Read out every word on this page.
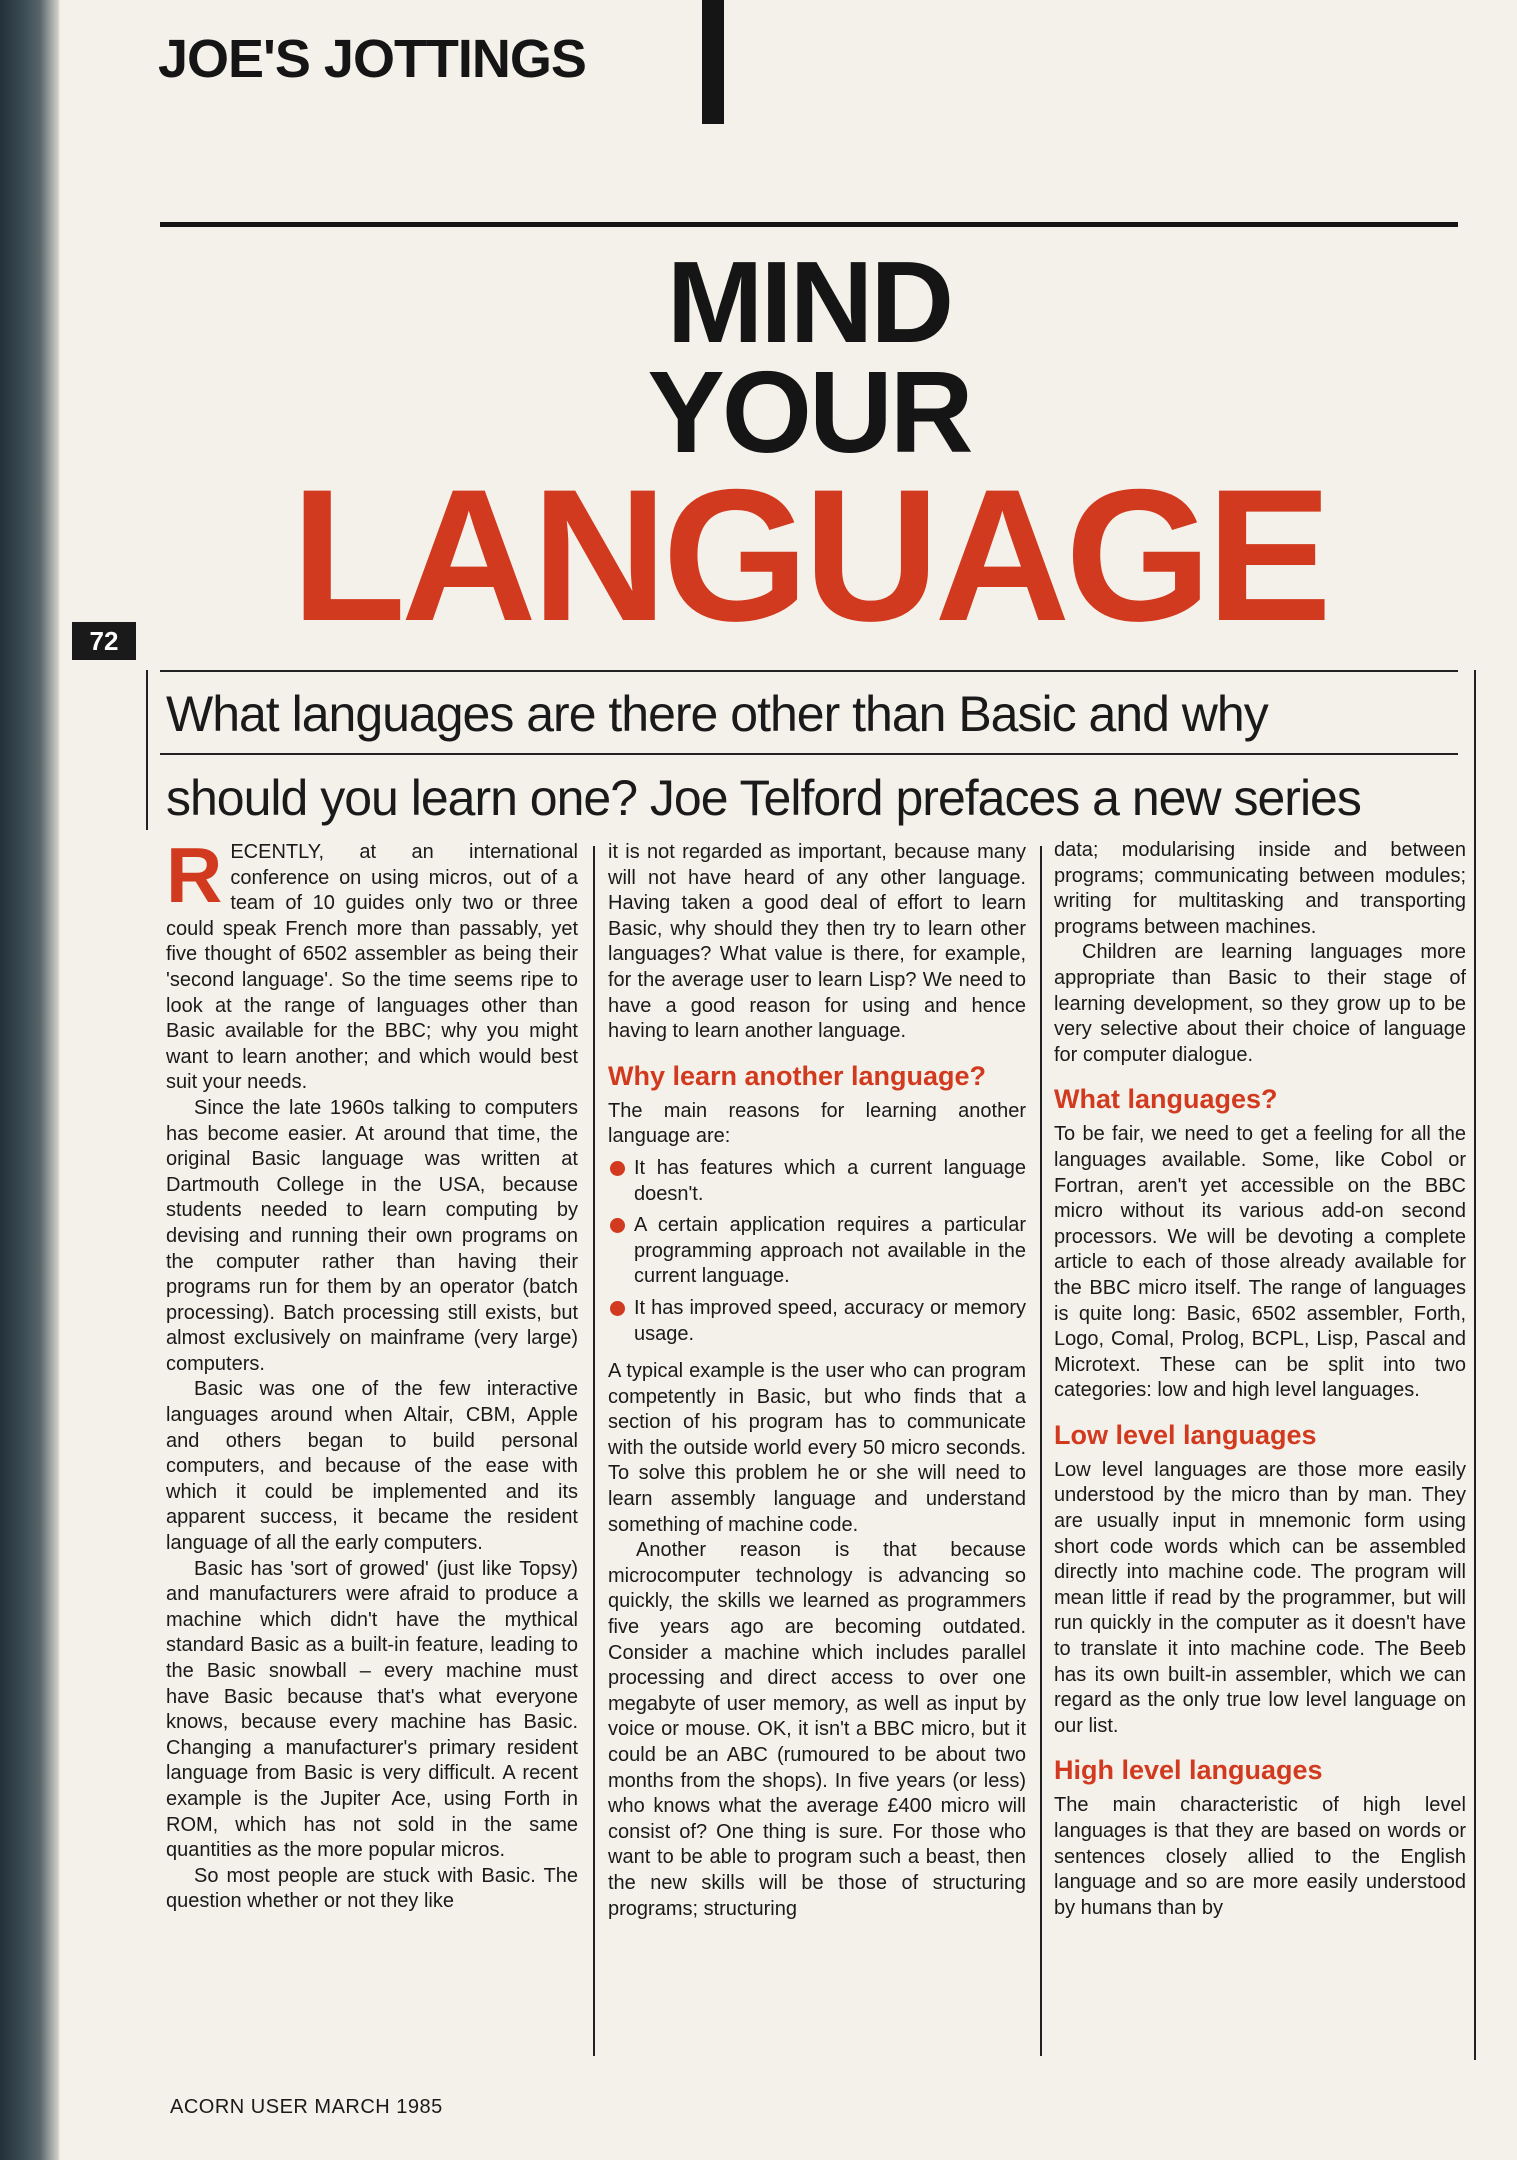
72
JOE'S JOTTINGS
MIND
YOUR
LANGUAGE
What languages are there other than Basic and why
should you learn one? Joe Telford prefaces a new series

RECENTLY, at an international conference on using micros, out of a team of 10 guides only two or three could speak French more than passably, yet five thought of 6502 assembler as being their 'second language'. So the time seems ripe to look at the range of languages other than Basic available for the BBC; why you might want to learn another; and which would best suit your needs.

Since the late 1960s talking to computers has become easier. At around that time, the original Basic language was written at Dartmouth College in the USA, because students needed to learn computing by devising and running their own programs on the computer rather than having their programs run for them by an operator (batch processing). Batch processing still exists, but almost exclusively on mainframe (very large) computers.

Basic was one of the few interactive languages around when Altair, CBM, Apple and others began to build personal computers, and because of the ease with which it could be implemented and its apparent success, it became the resident language of all the early computers.

Basic has 'sort of growed' (just like Topsy) and manufacturers were afraid to produce a machine which didn't have the mythical standard Basic as a built-in feature, leading to the Basic snowball – every machine must have Basic because that's what everyone knows, because every machine has Basic. Changing a manufacturer's primary resident language from Basic is very difficult. A recent example is the Jupiter Ace, using Forth in ROM, which has not sold in the same quantities as the more popular micros.

So most people are stuck with Basic. The question whether or not they like

it is not regarded as important, because many will not have heard of any other language. Having taken a good deal of effort to learn Basic, why should they then try to learn other languages? What value is there, for example, for the average user to learn Lisp? We need to have a good reason for using and hence having to learn another language.

Why learn another language?

The main reasons for learning another language are:

It has features which a current language doesn't.
A certain application requires a particular programming approach not available in the current language.
It has improved speed, accuracy or memory usage.

A typical example is the user who can program competently in Basic, but who finds that a section of his program has to communicate with the outside world every 50 micro seconds. To solve this problem he or she will need to learn assembly language and understand something of machine code.

Another reason is that because microcomputer technology is advancing so quickly, the skills we learned as programmers five years ago are becoming outdated. Consider a machine which includes parallel processing and direct access to over one megabyte of user memory, as well as input by voice or mouse. OK, it isn't a BBC micro, but it could be an ABC (rumoured to be about two months from the shops). In five years (or less) who knows what the average £400 micro will consist of? One thing is sure. For those who want to be able to program such a beast, then the new skills will be those of structuring programs; structuring

data; modularising inside and between programs; communicating between modules; writing for multitasking and transporting programs between machines.

Children are learning languages more appropriate than Basic to their stage of learning development, so they grow up to be very selective about their choice of language for computer dialogue.

What languages?

To be fair, we need to get a feeling for all the languages available. Some, like Cobol or Fortran, aren't yet accessible on the BBC micro without its various add-on second processors. We will be devoting a complete article to each of those already available for the BBC micro itself. The range of languages is quite long: Basic, 6502 assembler, Forth, Logo, Comal, Prolog, BCPL, Lisp, Pascal and Microtext. These can be split into two categories: low and high level languages.

Low level languages

Low level languages are those more easily understood by the micro than by man. They are usually input in mnemonic form using short code words which can be assembled directly into machine code. The program will mean little if read by the programmer, but will run quickly in the computer as it doesn't have to translate it into machine code. The Beeb has its own built-in assembler, which we can regard as the only true low level language on our list.

High level languages

The main characteristic of high level languages is that they are based on words or sentences closely allied to the English language and so are more easily understood by humans than by

ACORN USER MARCH 1985
